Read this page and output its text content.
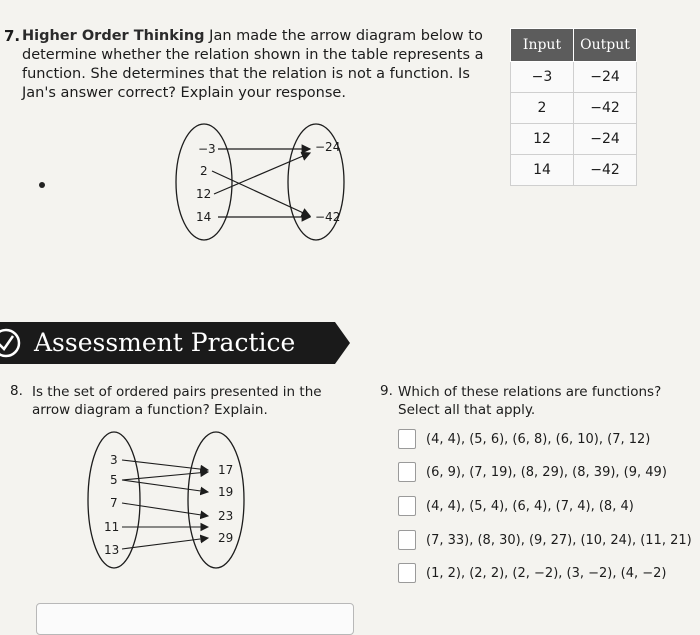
7. Higher Order Thinking Jan made the arrow diagram below to determine whether the relation shown in the table represents a function. She determines that the relation is not a function. Is Jan's answer correct? Explain your response.
Input	Output
−3	−24
2	−42
12	−24
14	−42
−3
2
12
14
−24
−42
Assessment Practice
8. Is the set of ordered pairs presented in the arrow diagram a function? Explain.
3
5
7
11
13
17
19
23
29
9. Which of these relations are functions? Select all that apply.
(4, 4), (5, 6), (6, 8), (6, 10), (7, 12)
(6, 9), (7, 19), (8, 29), (8, 39), (9, 49)
(4, 4), (5, 4), (6, 4), (7, 4), (8, 4)
(7, 33), (8, 30), (9, 27), (10, 24), (11, 21)
(1, 2), (2, 2), (2, −2), (3, −2), (4, −2)
